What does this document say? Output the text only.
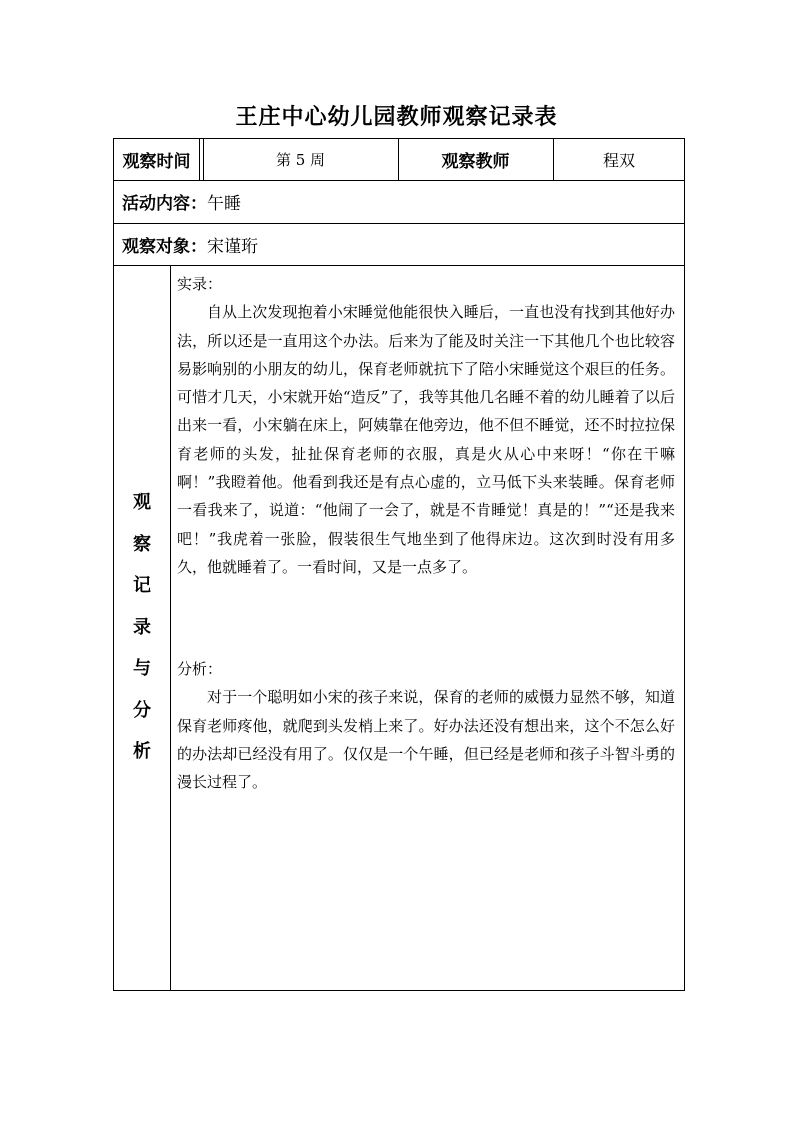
王庄中心幼儿园教师观察记录表
观察时间	第 5 周	观察教师	程双
活动内容： 午睡
观察对象： 宋谨珩
观
察
记
录
与
分
析

实录：

自从上次发现抱着小宋睡觉他能很快入睡后，一直也没有找到其他好办法，所以还是一直用这个办法。后来为了能及时关注一下其他几个也比较容易影响别的小朋友的幼儿，保育老师就抗下了陪小宋睡觉这个艰巨的任务。可惜才几天，小宋就开始“造反”了，我等其他几名睡不着的幼儿睡着了以后出来一看，小宋躺在床上，阿姨靠在他旁边，他不但不睡觉，还不时拉拉保育老师的头发，扯扯保育老师的衣服，真是火从心中来呀！“你在干嘛啊！”我瞪着他。他看到我还是有点心虚的，立马低下头来装睡。保育老师一看我来了，说道：“他闹了一会了，就是不肯睡觉！真是的！”“还是我来吧！”我虎着一张脸，假装很生气地坐到了他得床边。这次到时没有用多久，他就睡着了。一看时间，又是一点多了。

分析：

对于一个聪明如小宋的孩子来说，保育的老师的威慑力显然不够，知道保育老师疼他，就爬到头发梢上来了。好办法还没有想出来，这个不怎么好的办法却已经没有用了。仅仅是一个午睡，但已经是老师和孩子斗智斗勇的漫长过程了。
